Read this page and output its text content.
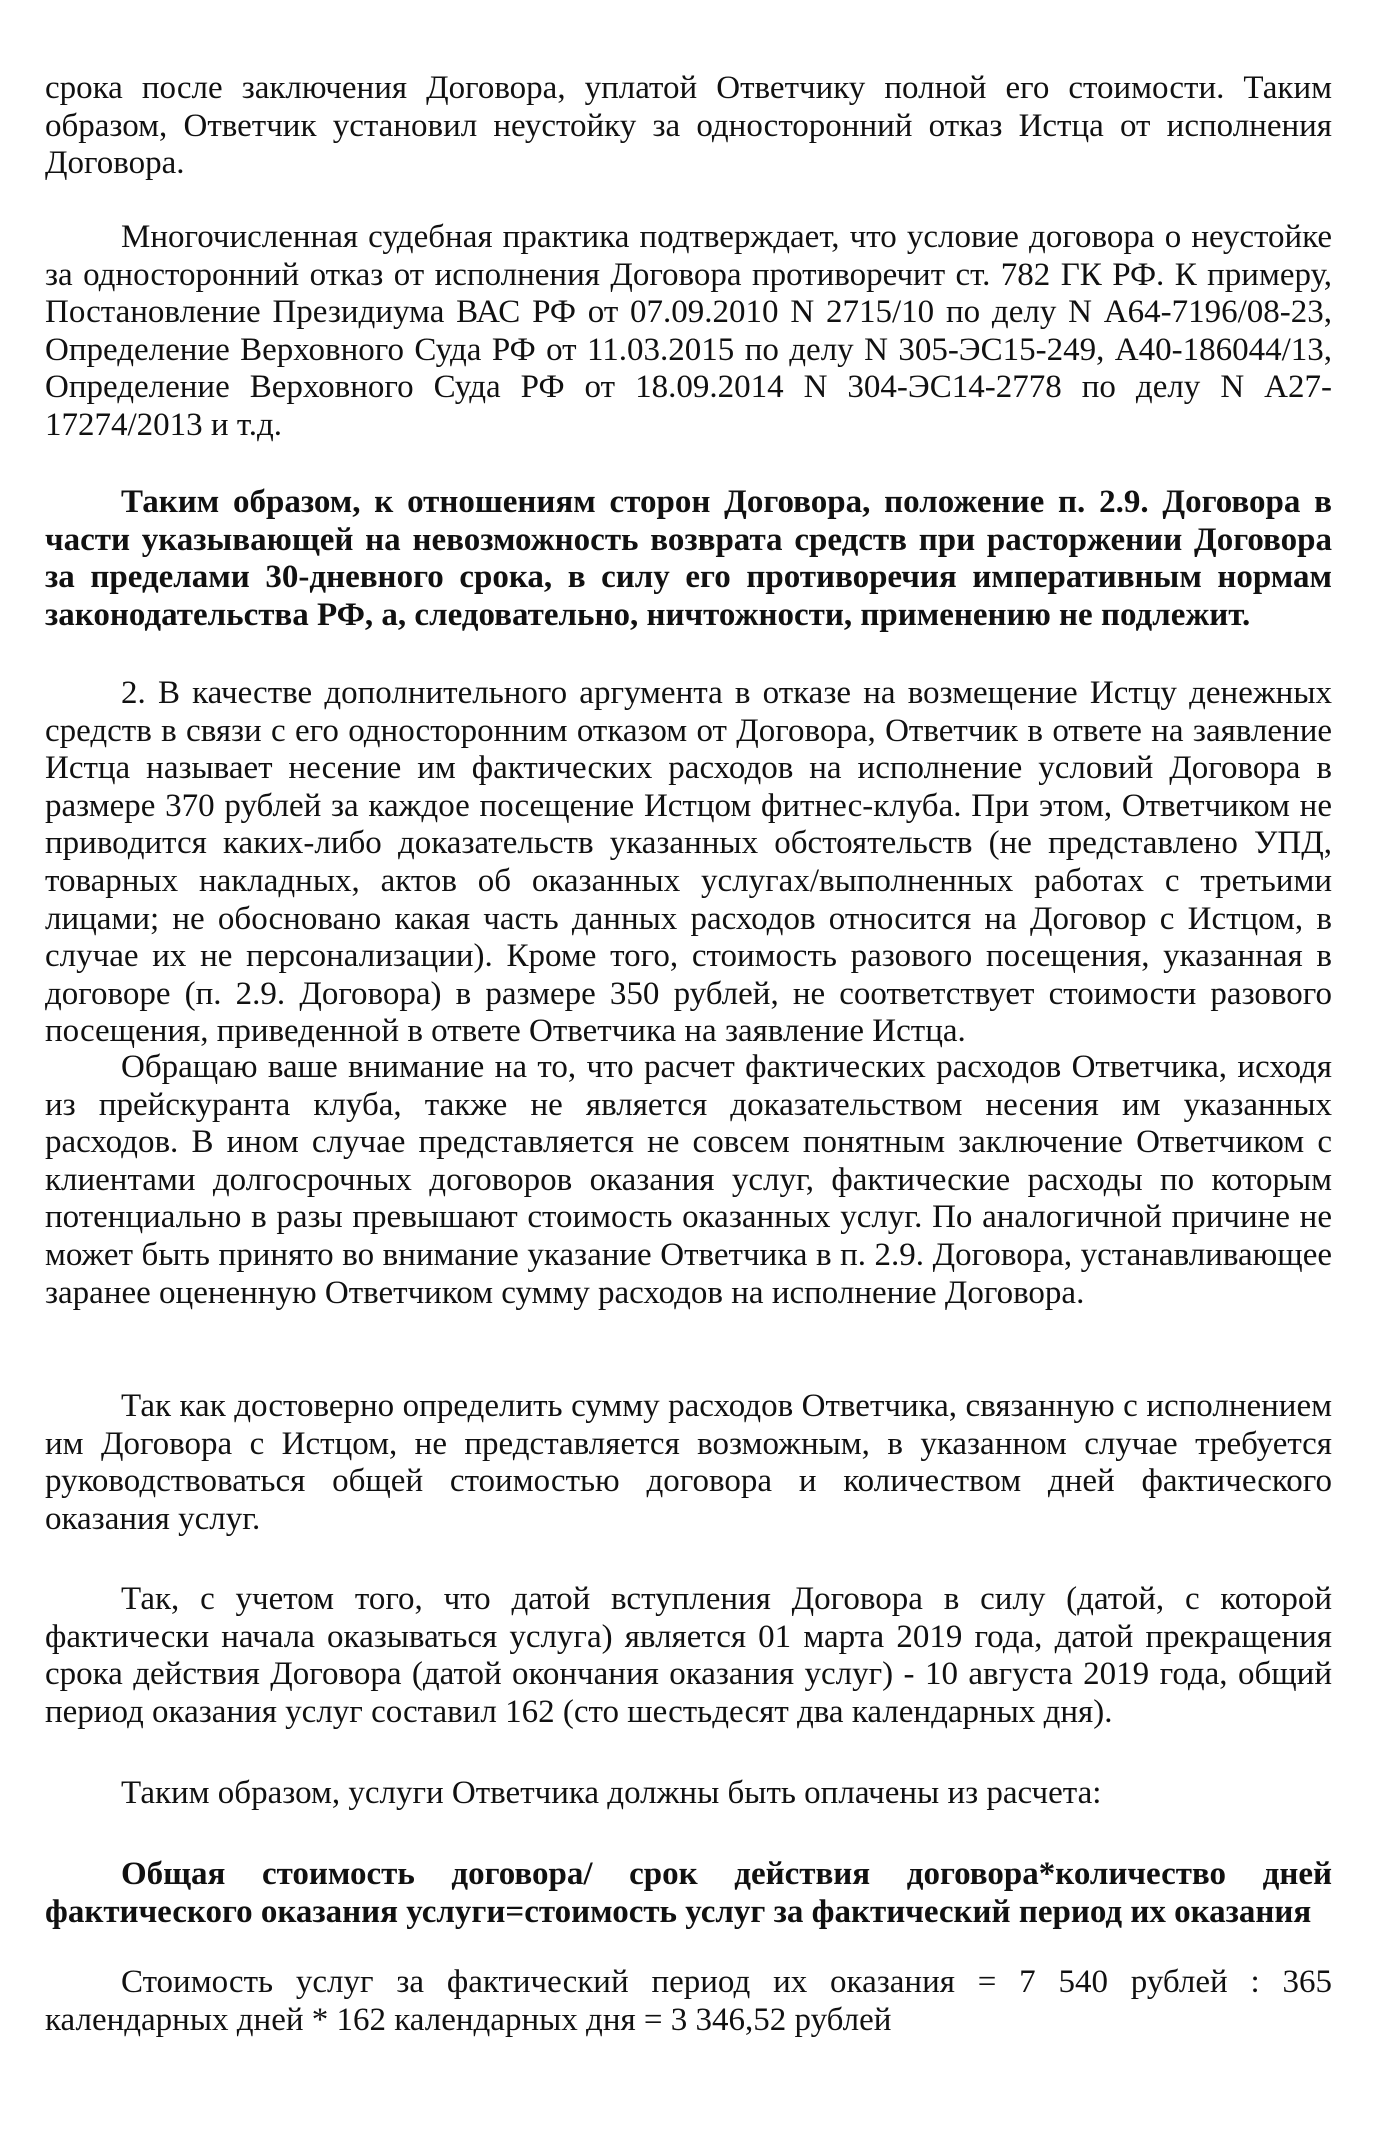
срока после заключения Договора, уплатой Ответчику полной его стоимости. Таким образом, Ответчик установил неустойку за односторонний отказ Истца от исполнения Договора.

Многочисленная судебная практика подтверждает, что условие договора о неустойке за односторонний отказ от исполнения Договора противоречит ст. 782 ГК РФ. К примеру, Постановление Президиума ВАС РФ от 07.09.2010 N 2715/10 по делу N А64-7196/08-23, Определение Верховного Суда РФ от 11.03.2015 по делу N 305-ЭС15-249, А40-186044/13, Определение Верховного Суда РФ от 18.09.2014 N 304-ЭС14-2778 по делу N А27-17274/2013 и т.д.

Таким образом, к отношениям сторон Договора, положение п. 2.9. Договора в части указывающей на невозможность возврата средств при расторжении Договора за пределами 30-дневного срока, в силу его противоречия императивным нормам законодательства РФ, а, следовательно, ничтожности, применению не подлежит.

2. В качестве дополнительного аргумента в отказе на возмещение Истцу денежных средств в связи с его односторонним отказом от Договора, Ответчик в ответе на заявление Истца называет несение им фактических расходов на исполнение условий Договора в размере 370 рублей за каждое посещение Истцом фитнес-клуба. При этом, Ответчиком не приводится каких-либо доказательств указанных обстоятельств (не представлено УПД, товарных накладных, актов об оказанных услугах/выполненных работах с третьими лицами; не обосновано какая часть данных расходов относится на Договор с Истцом, в случае их не персонализации). Кроме того, стоимость разового посещения, указанная в договоре (п. 2.9. Договора) в размере 350 рублей, не соответствует стоимости разового посещения, приведенной в ответе Ответчика на заявление Истца.

Обращаю ваше внимание на то, что расчет фактических расходов Ответчика, исходя из прейскуранта клуба, также не является доказательством несения им указанных расходов. В ином случае представляется не совсем понятным заключение Ответчиком с клиентами долгосрочных договоров оказания услуг, фактические расходы по которым потенциально в разы превышают стоимость оказанных услуг. По аналогичной причине не может быть принято во внимание указание Ответчика в п. 2.9. Договора, устанавливающее заранее оцененную Ответчиком сумму расходов на исполнение Договора.

Так как достоверно определить сумму расходов Ответчика, связанную с исполнением им Договора с Истцом, не представляется возможным, в указанном случае требуется руководствоваться общей стоимостью договора и количеством дней фактического оказания услуг.

Так, с учетом того, что датой вступления Договора в силу (датой, с которой фактически начала оказываться услуга) является 01 марта 2019 года, датой прекращения срока действия Договора (датой окончания оказания услуг) - 10 августа 2019 года, общий период оказания услуг составил 162 (сто шестьдесят два календарных дня).

Таким образом, услуги Ответчика должны быть оплачены из расчета:

Общая стоимость договора/ срок действия договора*количество дней фактического оказания услуги=стоимость услуг за фактический период их оказания

Стоимость услуг за фактический период их оказания = 7 540 рублей : 365 календарных дней * 162 календарных дня = 3 346,52 рублей
